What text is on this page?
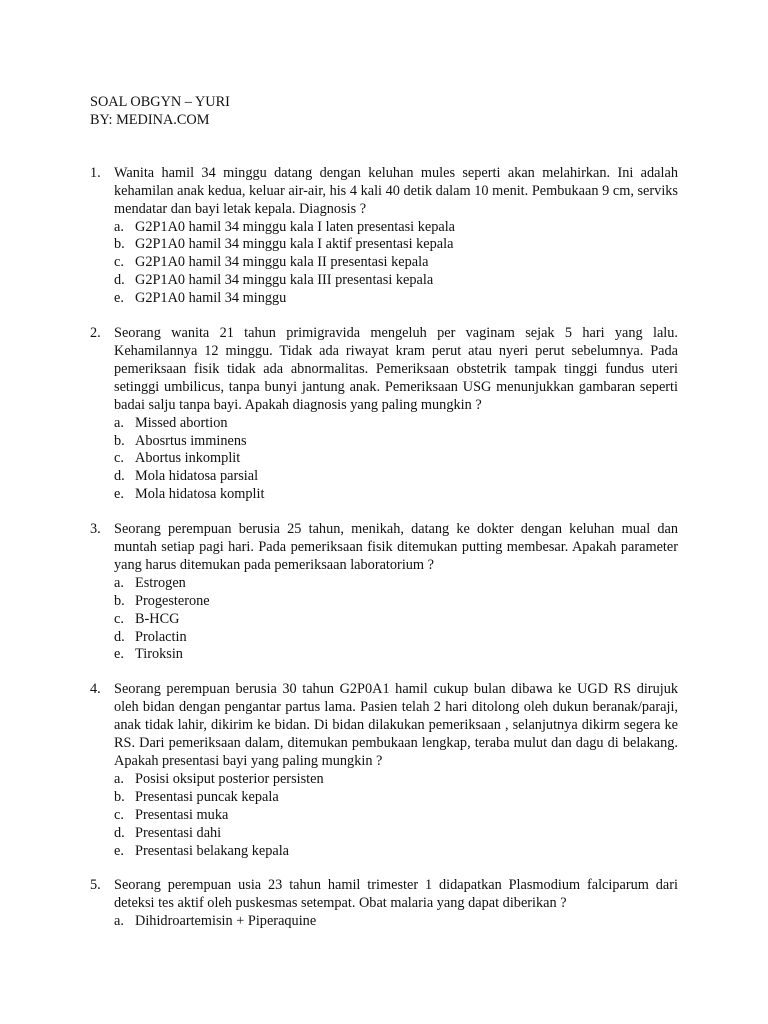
SOAL OBGYN – YURI
BY: MEDINA.COM
1. Wanita hamil 34 minggu datang dengan keluhan mules seperti akan melahirkan. Ini adalah kehamilan anak kedua, keluar air-air, his 4 kali 40 detik dalam 10 menit. Pembukaan 9 cm, serviks mendatar dan bayi letak kepala. Diagnosis ?
a. G2P1A0 hamil 34 minggu kala I laten presentasi kepala
b. G2P1A0 hamil 34 minggu kala I aktif presentasi kepala
c. G2P1A0 hamil 34 minggu kala II presentasi kepala
d. G2P1A0 hamil 34 minggu kala III presentasi kepala
e. G2P1A0 hamil 34 minggu
2. Seorang wanita 21 tahun primigravida mengeluh per vaginam sejak 5 hari yang lalu. Kehamilannya 12 minggu. Tidak ada riwayat kram perut atau nyeri perut sebelumnya. Pada pemeriksaan fisik tidak ada abnormalitas. Pemeriksaan obstetrik tampak tinggi fundus uteri setinggi umbilicus, tanpa bunyi jantung anak. Pemeriksaan USG menunjukkan gambaran seperti badai salju tanpa bayi. Apakah diagnosis yang paling mungkin ?
a. Missed abortion
b. Abosrtus imminens
c. Abortus inkomplit
d. Mola hidatosa parsial
e. Mola hidatosa komplit
3. Seorang perempuan berusia 25 tahun, menikah, datang ke dokter dengan keluhan mual dan muntah setiap pagi hari. Pada pemeriksaan fisik ditemukan putting membesar. Apakah parameter yang harus ditemukan pada pemeriksaan laboratorium ?
a. Estrogen
b. Progesterone
c. B-HCG
d. Prolactin
e. Tiroksin
4. Seorang perempuan berusia 30 tahun G2P0A1 hamil cukup bulan dibawa ke UGD RS dirujuk oleh bidan dengan pengantar partus lama. Pasien telah 2 hari ditolong oleh dukun beranak/paraji, anak tidak lahir, dikirim ke bidan. Di bidan dilakukan pemeriksaan , selanjutnya dikirm segera ke RS. Dari pemeriksaan dalam, ditemukan pembukaan lengkap, teraba mulut dan dagu di belakang. Apakah presentasi bayi yang paling mungkin ?
a. Posisi oksiput posterior persisten
b. Presentasi puncak kepala
c. Presentasi muka
d. Presentasi dahi
e. Presentasi belakang kepala
5. Seorang perempuan usia 23 tahun hamil trimester 1 didapatkan Plasmodium falciparum dari deteksi tes aktif oleh puskesmas setempat. Obat malaria yang dapat diberikan ?
a. Dihidroartemisin + Piperaquine
